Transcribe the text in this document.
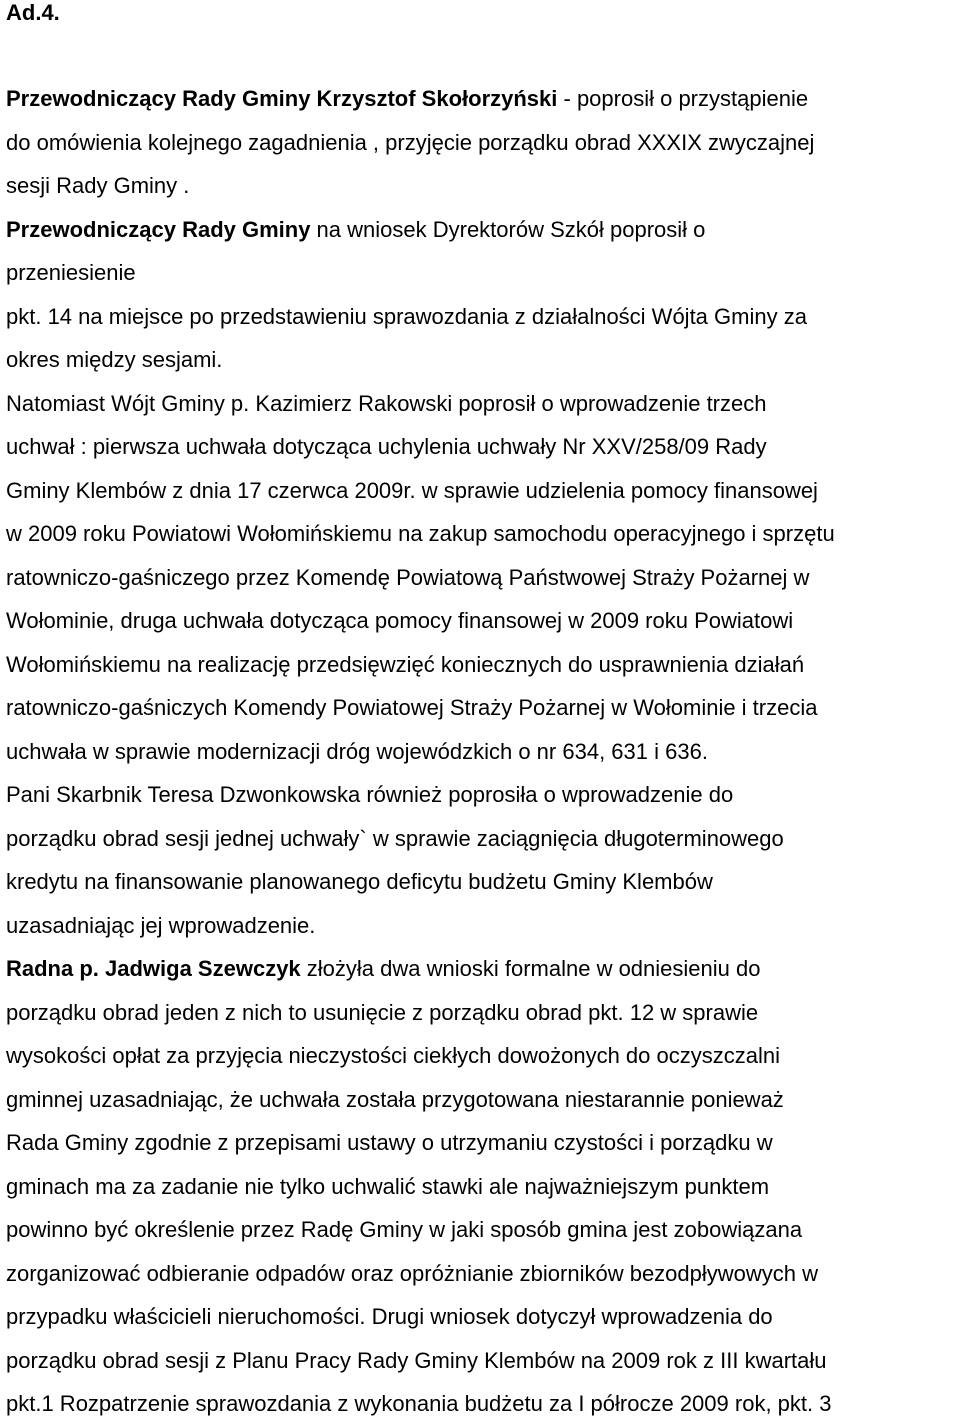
Ad.4.
Przewodniczący Rady Gminy Krzysztof Skołorzyński - poprosił o przystąpienie
do omówienia kolejnego zagadnienia , przyjęcie porządku obrad XXXIX zwyczajnej
sesji Rady Gminy .
Przewodniczący Rady Gminy na wniosek Dyrektorów Szkół poprosił o
przeniesienie
pkt. 14 na miejsce po przedstawieniu sprawozdania z działalności Wójta Gminy za
okres między sesjami.
Natomiast Wójt Gminy p. Kazimierz Rakowski poprosił o wprowadzenie trzech
uchwał : pierwsza uchwała dotycząca uchylenia uchwały Nr XXV/258/09 Rady
Gminy Klembów z dnia 17 czerwca 2009r. w sprawie udzielenia pomocy finansowej
w 2009 roku Powiatowi Wołomińskiemu na zakup samochodu operacyjnego i sprzętu
ratowniczo-gaśniczego przez Komendę Powiatową Państwowej Straży Pożarnej w
Wołominie, druga uchwała dotycząca pomocy finansowej w 2009 roku Powiatowi
Wołomińskiemu na realizację przedsięwzięć koniecznych do usprawnienia działań
ratowniczo-gaśniczych Komendy Powiatowej Straży Pożarnej w Wołominie i trzecia
uchwała w sprawie modernizacji dróg wojewódzkich o nr 634, 631 i 636.
Pani Skarbnik Teresa Dzwonkowska również poprosiła o wprowadzenie do
porządku obrad sesji jednej uchwały` w sprawie zaciągnięcia długoterminowego
kredytu na finansowanie planowanego deficytu budżetu Gminy Klembów
uzasadniając jej wprowadzenie.
Radna p. Jadwiga Szewczyk złożyła dwa wnioski formalne w odniesieniu do
porządku obrad jeden z nich to usunięcie z porządku obrad pkt. 12 w sprawie
wysokości opłat za przyjęcia nieczystości ciekłych dowożonych do oczyszczalni
gminnej uzasadniając, że uchwała została przygotowana niestarannie ponieważ
Rada Gminy zgodnie z przepisami ustawy o utrzymaniu czystości i porządku w
gminach ma za zadanie nie tylko uchwalić stawki ale najważniejszym punktem
powinno być określenie przez Radę Gminy w jaki sposób gmina jest zobowiązana
zorganizować odbieranie odpadów oraz opróżnianie zbiorników bezodpływowych w
przypadku właścicieli nieruchomości. Drugi wniosek dotyczył wprowadzenia do
porządku obrad sesji z Planu Pracy Rady Gminy Klembów na 2009 rok z III kwartału
pkt.1 Rozpatrzenie sprawozdania z wykonania budżetu za I półrocze 2009 rok, pkt. 3
